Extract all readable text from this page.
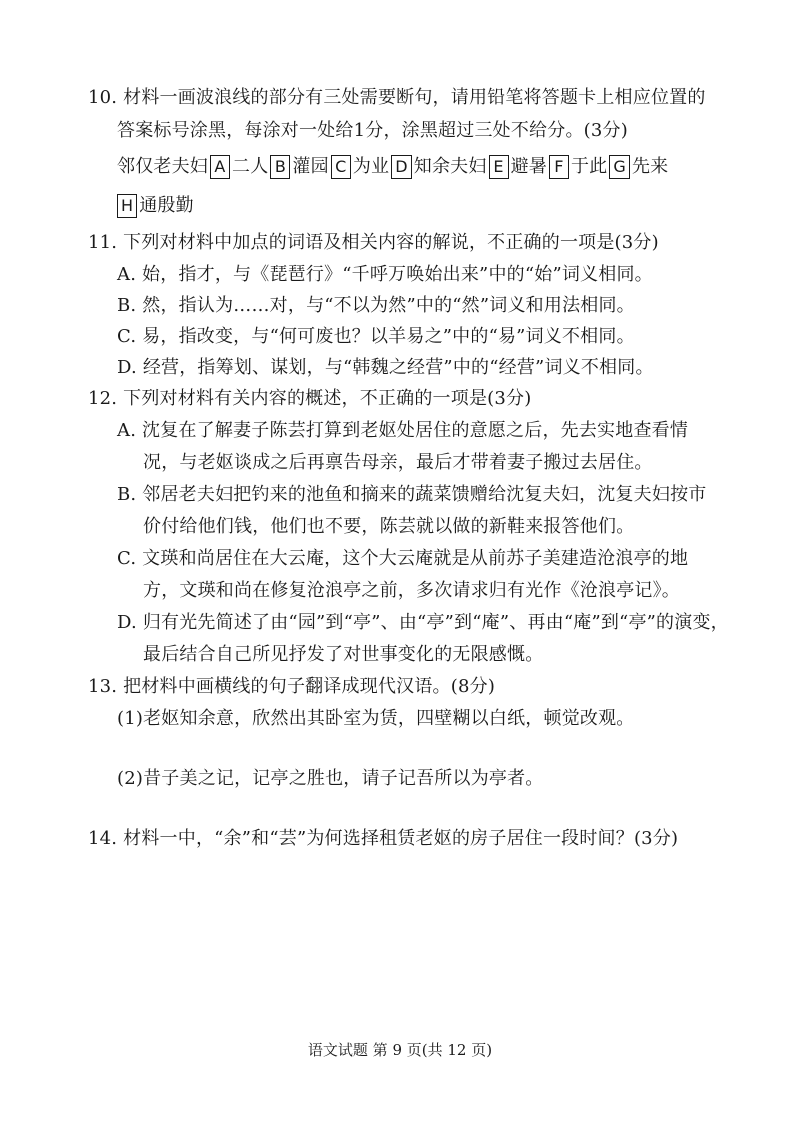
10. 材料一画波浪线的部分有三处需要断句，请用铅笔将答题卡上相应位置的
答案标号涂黑，每涂对一处给1分，涂黑超过三处不给分。(3分)
邻仅老夫妇 A 二人 B 灌园 C 为业 D 知余夫妇 E 避暑 F 于此 G 先来
H 通殷勤
11. 下列对材料中加点的词语及相关内容的解说，不正确的一项是(3分)
A. 始，指才，与《琵琶行》“千呼万唤始出来”中的“始”词义相同。
B. 然，指认为……对，与“不以为然”中的“然”词义和用法相同。
C. 易，指改变，与“何可废也？以羊易之”中的“易”词义不相同。
D. 经营，指筹划、谋划，与“韩魏之经营”中的“经营”词义不相同。
12. 下列对材料有关内容的概述，不正确的一项是(3分)
A. 沈复在了解妻子陈芸打算到老妪处居住的意愿之后，先去实地查看情
况，与老妪谈成之后再禀告母亲，最后才带着妻子搬过去居住。
B. 邻居老夫妇把钓来的池鱼和摘来的蔬菜馈赠给沈复夫妇，沈复夫妇按市
价付给他们钱，他们也不要，陈芸就以做的新鞋来报答他们。
C. 文瑛和尚居住在大云庵，这个大云庵就是从前苏子美建造沧浪亭的地
方，文瑛和尚在修复沧浪亭之前，多次请求归有光作《沧浪亭记》。
D. 归有光先简述了由“园”到“亭”、由“亭”到“庵”、再由“庵”到“亭”的演变，
最后结合自己所见抒发了对世事变化的无限感慨。
13. 把材料中画横线的句子翻译成现代汉语。(8分)
(1)老妪知余意，欣然出其卧室为赁，四壁糊以白纸，顿觉改观。
(2)昔子美之记，记亭之胜也，请子记吾所以为亭者。
14. 材料一中，“余”和“芸”为何选择租赁老妪的房子居住一段时间？(3分)
语文试题 第 9 页(共 12 页)
